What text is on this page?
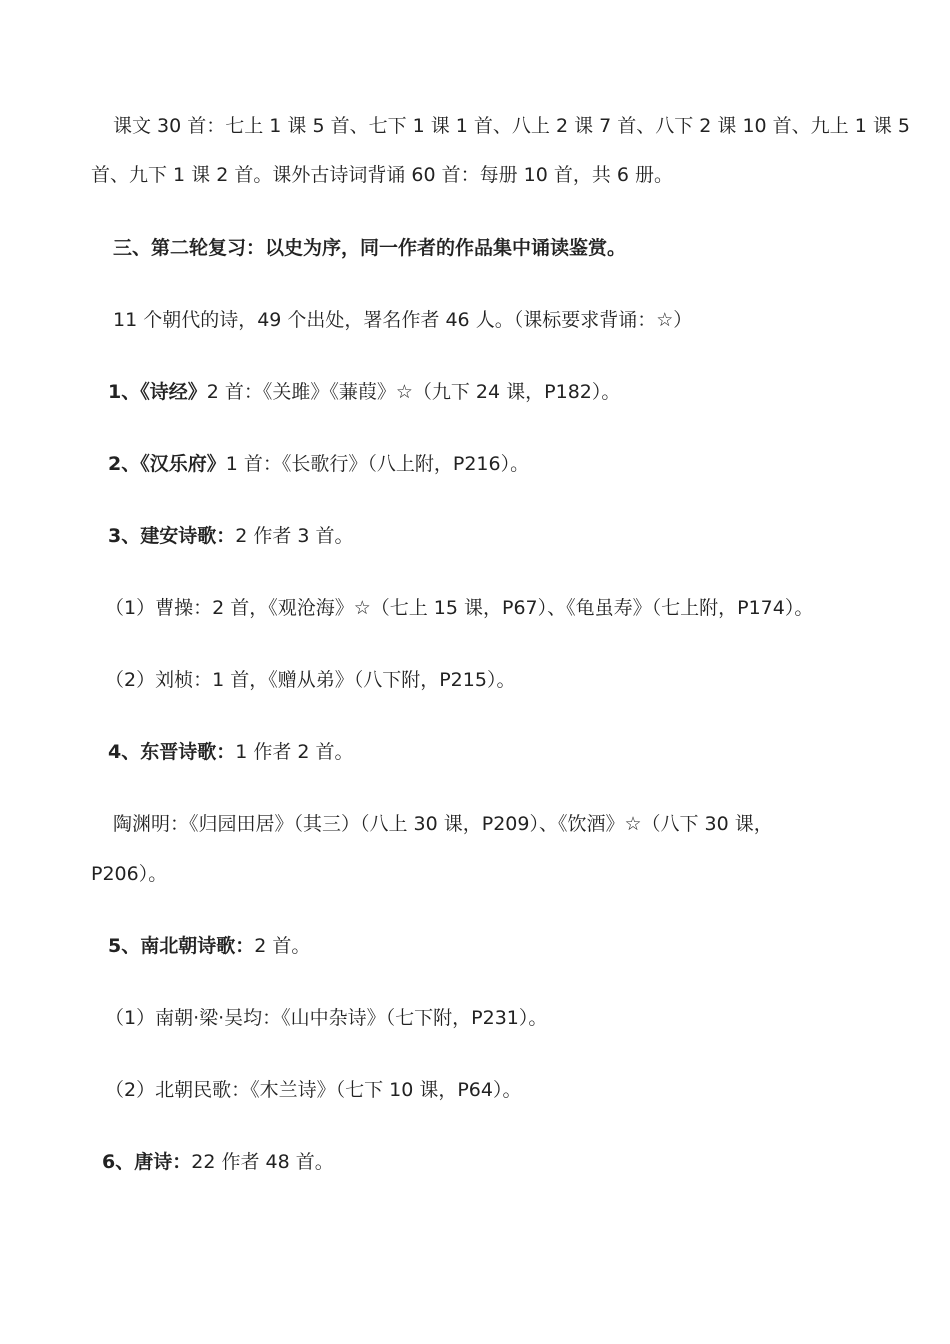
课文 30 首：七上 1 课 5 首、七下 1 课 1 首、八上 2 课 7 首、八下 2 课 10 首、九上 1 课 5
首、九下 1 课 2 首。课外古诗词背诵 60 首：每册 10 首，共 6 册。
三、第二轮复习：以史为序，同一作者的作品集中诵读鉴赏。
11 个朝代的诗，49 个出处，署名作者 46 人。（课标要求背诵：☆）
1、《诗经》2 首：《关雎》《蒹葭》☆（九下 24 课，P182）。
2、《汉乐府》1 首：《长歌行》（八上附，P216）。
3、建安诗歌：2 作者 3 首。
（1）曹操：2 首，《观沧海》☆（七上 15 课，P67）、《龟虽寿》（七上附，P174）。
（2）刘桢：1 首，《赠从弟》（八下附，P215）。
4、东晋诗歌：1 作者 2 首。
陶渊明：《归园田居》（其三）（八上 30 课，P209）、《饮酒》☆（八下 30 课，
P206）。
5、南北朝诗歌：2 首。
（1）南朝·梁·吴均：《山中杂诗》（七下附，P231）。
（2）北朝民歌：《木兰诗》（七下 10 课，P64）。
6、唐诗：22 作者 48 首。
